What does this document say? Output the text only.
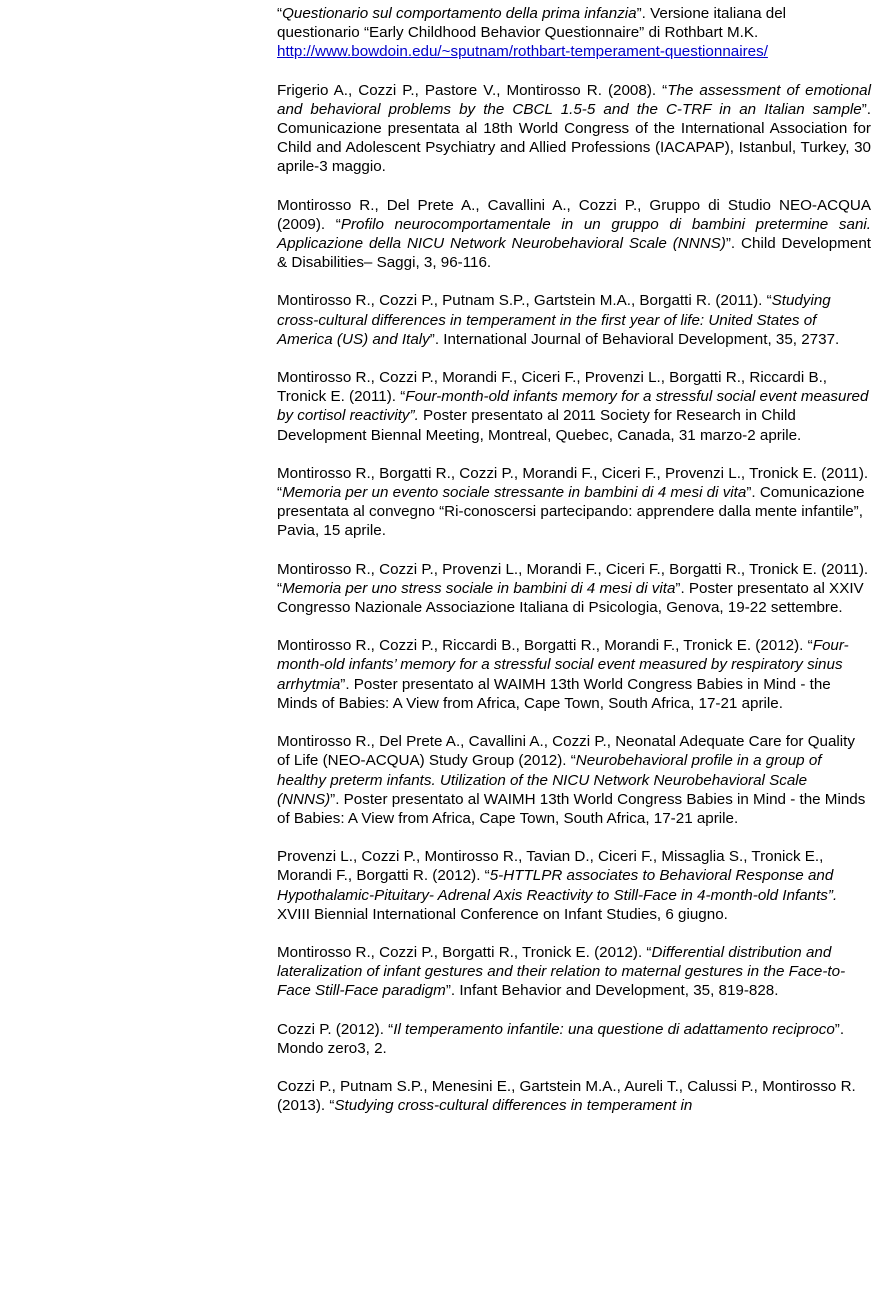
“Questionario sul comportamento della prima infanzia”. Versione italiana del questionario “Early Childhood Behavior Questionnaire” di Rothbart M.K.
http://www.bowdoin.edu/~sputnam/rothbart-temperament-questionnaires/

Frigerio A., Cozzi P., Pastore V., Montirosso R. (2008). “The assessment of emotional and behavioral problems by the CBCL 1.5-5 and the C-TRF in an Italian sample”. Comunicazione presentata al 18th World Congress of the International Association for Child and Adolescent Psychiatry and Allied Professions (IACAPAP), Istanbul, Turkey, 30 aprile-3 maggio.

Montirosso R., Del Prete A., Cavallini A., Cozzi P., Gruppo di Studio NEO-ACQUA (2009). “Profilo neurocomportamentale in un gruppo di bambini pretermine sani. Applicazione della NICU Network Neurobehavioral Scale (NNNS)”. Child Development & Disabilities– Saggi, 3, 96-116.

Montirosso R., Cozzi P., Putnam S.P., Gartstein M.A., Borgatti R. (2011). “Studying cross-cultural differences in temperament in the first year of life: United States of America (US) and Italy”. International Journal of Behavioral Development, 35, 2737.

Montirosso R., Cozzi P., Morandi F., Ciceri F., Provenzi L., Borgatti R., Riccardi B., Tronick E. (2011). “Four-month-old infants memory for a stressful social event measured by cortisol reactivity”. Poster presentato al 2011 Society for Research in Child Development Biennal Meeting, Montreal, Quebec, Canada, 31 marzo-2 aprile.

Montirosso R., Borgatti R., Cozzi P., Morandi F., Ciceri F., Provenzi L., Tronick E. (2011). “Memoria per un evento sociale stressante in bambini di 4 mesi di vita”. Comunicazione presentata al convegno “Ri-conoscersi partecipando: apprendere dalla mente infantile”, Pavia, 15 aprile.

Montirosso R., Cozzi P., Provenzi L., Morandi F., Ciceri F., Borgatti R., Tronick E. (2011). “Memoria per uno stress sociale in bambini di 4 mesi di vita”. Poster presentato al XXIV Congresso Nazionale Associazione Italiana di Psicologia, Genova, 19-22 settembre.

Montirosso R., Cozzi P., Riccardi B., Borgatti R., Morandi F., Tronick E. (2012). “Four-month-old infants’ memory for a stressful social event measured by respiratory sinus arrhytmia”. Poster presentato al WAIMH 13th World Congress Babies in Mind - the Minds of Babies: A View from Africa, Cape Town, South Africa, 17-21 aprile.

Montirosso R., Del Prete A., Cavallini A., Cozzi P., Neonatal Adequate Care for Quality of Life (NEO-ACQUA) Study Group (2012). “Neurobehavioral profile in a group of healthy preterm infants. Utilization of the NICU Network Neurobehavioral Scale (NNNS)”. Poster presentato al WAIMH 13th World Congress Babies in Mind - the Minds of Babies: A View from Africa, Cape Town, South Africa, 17-21 aprile.

Provenzi L., Cozzi P., Montirosso R., Tavian D., Ciceri F., Missaglia S., Tronick E., Morandi F., Borgatti R. (2012). “5-HTTLPR associates to Behavioral Response and Hypothalamic-Pituitary- Adrenal Axis Reactivity to Still-Face in 4-month-old Infants”. XVIII Biennial International Conference on Infant Studies, 6 giugno.

Montirosso R., Cozzi P., Borgatti R., Tronick E. (2012). “Differential distribution and lateralization of infant gestures and their relation to maternal gestures in the Face-to-Face Still-Face paradigm”. Infant Behavior and Development, 35, 819-828.

Cozzi P. (2012). “Il temperamento infantile: una questione di adattamento reciproco”. Mondo zero3, 2.

Cozzi P., Putnam S.P., Menesini E., Gartstein M.A., Aureli T., Calussi P., Montirosso R. (2013). “Studying cross-cultural differences in temperament in
